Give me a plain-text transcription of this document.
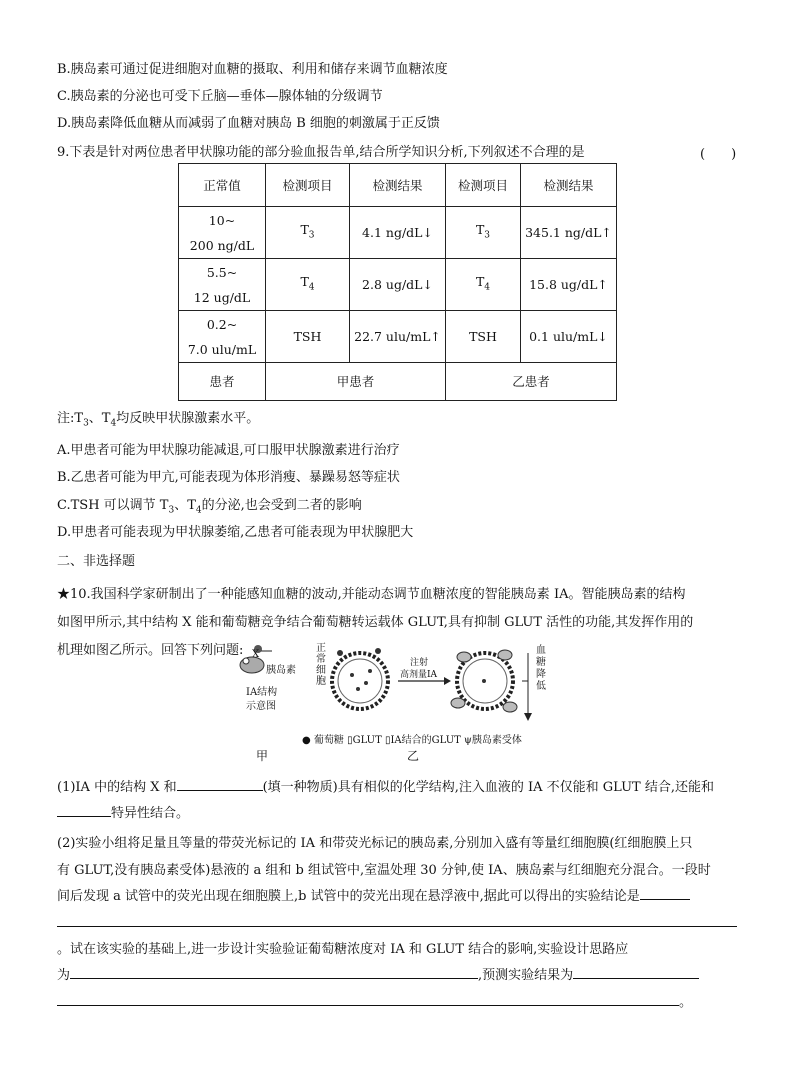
B.胰岛素可通过促进细胞对血糖的摄取、利用和储存来调节血糖浓度
C.胰岛素的分泌也可受下丘脑—垂体—腺体轴的分级调节
D.胰岛素降低血糖从而减弱了血糖对胰岛 B 细胞的刺激属于正反馈
9.下表是针对两位患者甲状腺功能的部分验血报告单,结合所学知识分析,下列叙述不合理的是	(　　)
正常值	检测项目	检测结果	检测项目	检测结果

10~
200 ng/dL	$T_3$	4.1 ng/dL↓	$T_3$	345.1 ng/dL↑

5.5~
12 ug/dL	$T_4$	2.8 ug/dL↓	$T_4$	15.8 ug/dL↑

0.2~
7.0 ulu/mL	TSH	22.7 ulu/mL↑	TSH	0.1 ulu/mL↓
患者	甲患者		乙患者	
注$:T_3$、$T_4$均反映甲状腺激素水平。
A.甲患者可能为甲状腺功能减退,可口服甲状腺激素进行治疗
B.乙患者可能为甲亢,可能表现为体形消瘦、暴躁易怒等症状
C.TSH 可以调节 $T_3$、$T_4$的分泌,也会受到二者的影响
D.甲患者可能表现为甲状腺萎缩,乙患者可能表现为甲状腺肥大
二、非选择题
★10.我国科学家研制出了一种能感知血糖的波动,并能动态调节血糖浓度的智能胰岛素 IA。智能胰岛素的结构
如图甲所示,其中结构 X 能和葡萄糖竞争结合葡萄糖转运载体 GLUT,具有抑制 GLUT 活性的功能,其发挥作用的
机理如图乙所示。回答下列问题: X
胰岛素
IA结构
示意图
正
常
细
胞
注射
高剂量IA
血
糖
降
低
● 葡萄糖 ▯GLUT ▯IA结合的GLUT ψ胰岛素受体
甲	乙
(1)IA 中的结构 X 和	(填一种物质)具有相似的化学结构,注入血液的 IA 不仅能和 GLUT 结合,还能和
特异性结合。
(2)实验小组将足量且等量的带荧光标记的 IA 和带荧光标记的胰岛素,分别加入盛有等量红细胞膜(红细胞膜上只
有 GLUT,没有胰岛素受体)悬液的 a 组和 b 组试管中,室温处理 30 分钟,使 IA、胰岛素与红细胞充分混合。一段时
间后发现 a 试管中的荧光出现在细胞膜上,b 试管中的荧光出现在悬浮液中,据此可以得出的实验结论是
。试在该实验的基础上,进一步设计实验验证葡萄糖浓度对 IA 和 GLUT 结合的影响,实验设计思路应
为	,预测实验结果为
。
